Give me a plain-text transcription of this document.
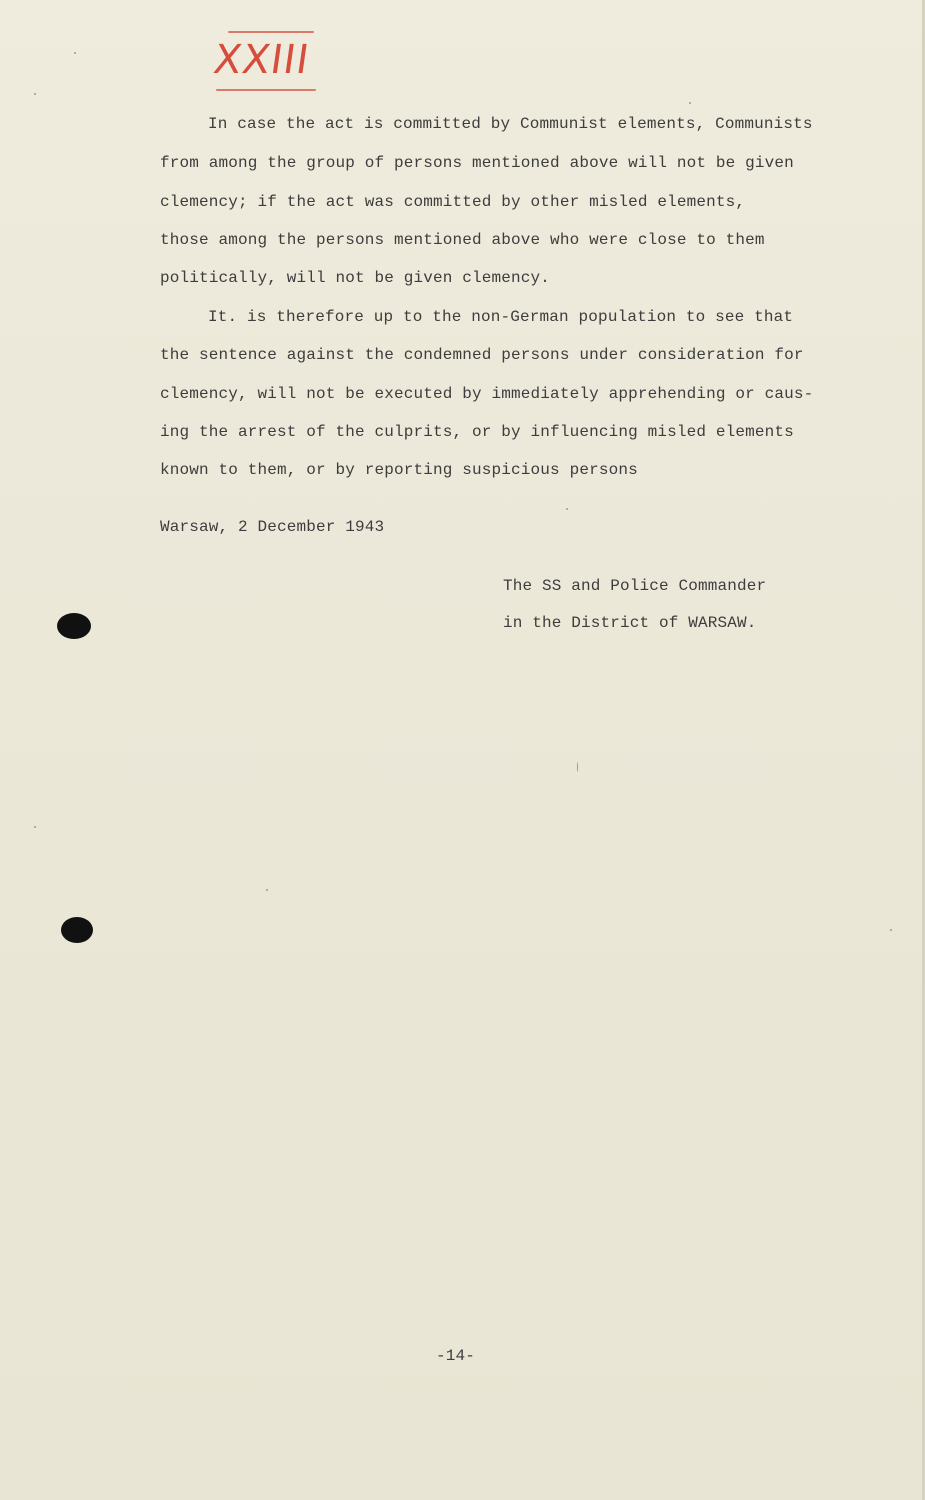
XXIII
In case the act is committed by Communist elements, Communists
from among the group of persons mentioned above will not be given
clemency; if the act was committed by other misled elements,
those among the persons mentioned above who were close to them
politically, will not be given clemency.
It. is therefore up to the non-German population to see that
the sentence against the condemned persons under consideration for
clemency, will not be executed by immediately apprehending or caus-
ing the arrest of the culprits, or by influencing misled elements
known to them, or by reporting suspicious persons
Warsaw, 2 December 1943
The SS and Police Commander
in the District of WARSAW.
-14-
